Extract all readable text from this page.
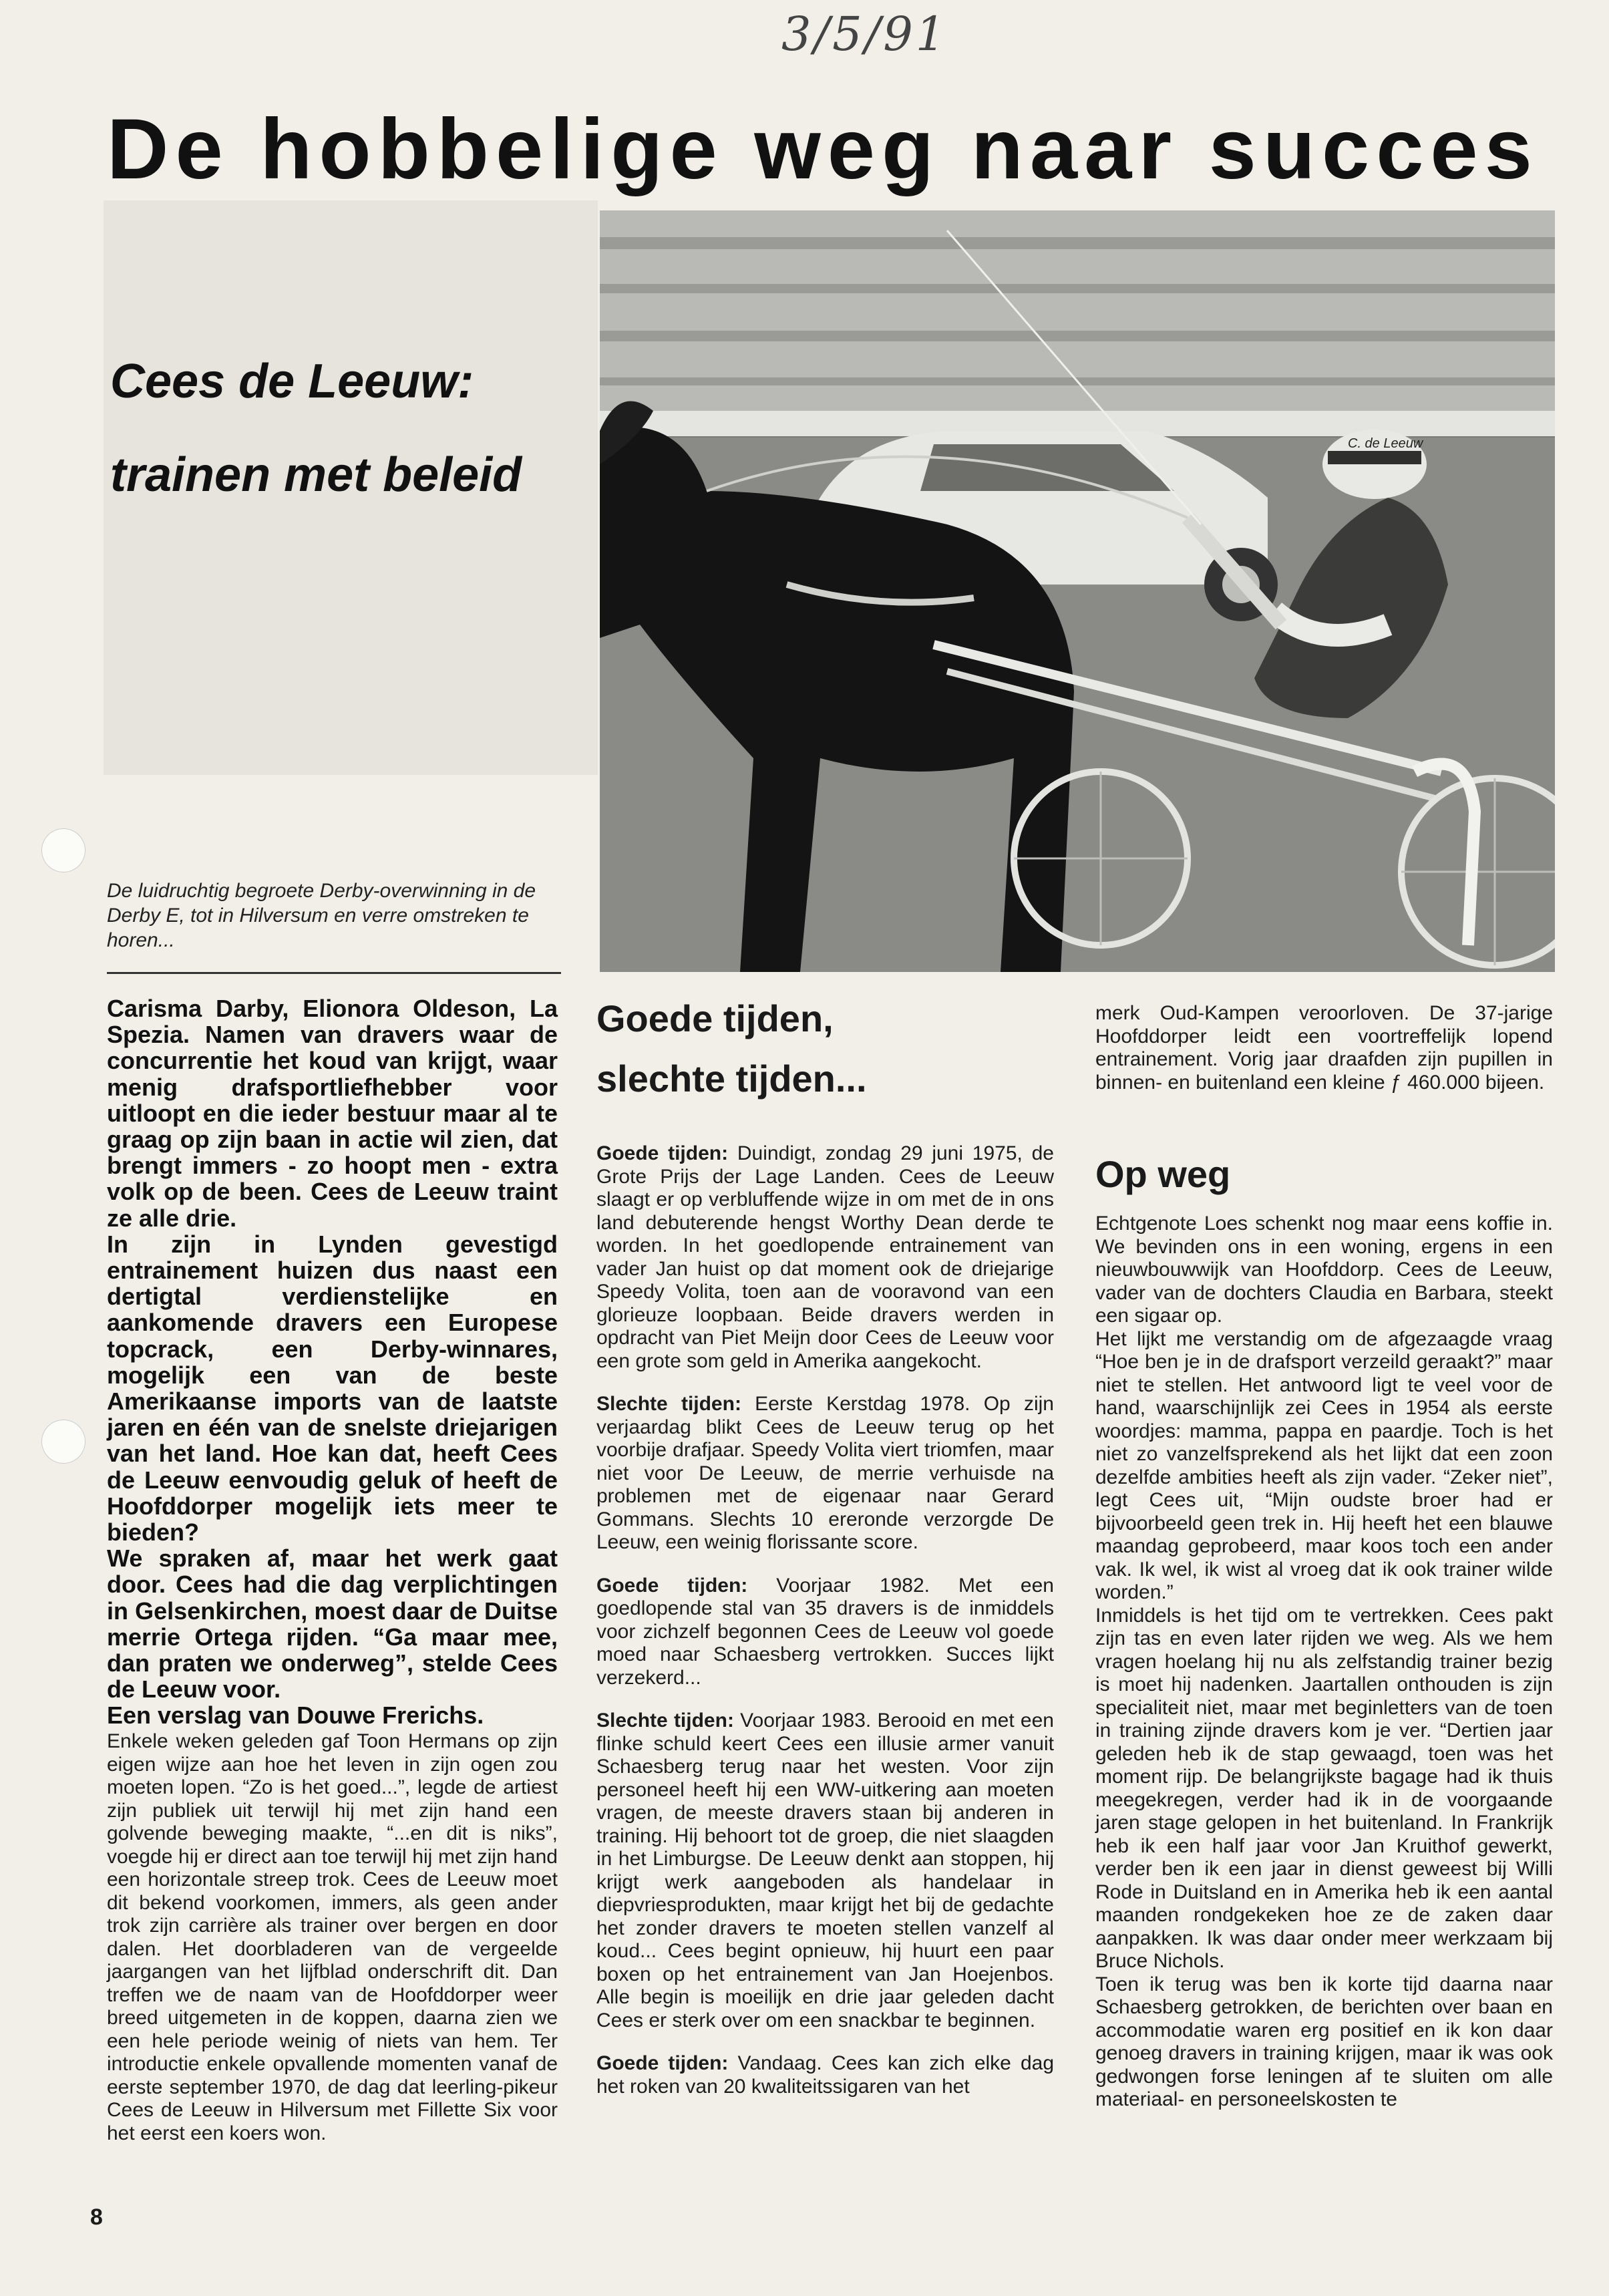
3/5/91
De hobbelige weg naar succes
Cees de Leeuw:
trainen met beleid
C. de Leeuw
De luidruchtig begroete Derby-overwinning in de Derby E, tot in Hilversum en verre omstreken te horen...

Carisma Darby, Elionora Oldeson, La Spezia. Namen van dravers waar de concurrentie het koud van krijgt, waar menig drafsportliefhebber voor uitloopt en die ieder bestuur maar al te graag op zijn baan in actie wil zien, dat brengt immers - zo hoopt men - extra volk op de been. Cees de Leeuw traint ze alle drie.

In zijn in Lynden gevestigd entrainement huizen dus naast een dertigtal verdienstelijke en aankomende dravers een Europese topcrack, een Derby-winnares, mogelijk een van de beste Amerikaanse imports van de laatste jaren en één van de snelste driejarigen van het land. Hoe kan dat, heeft Cees de Leeuw eenvoudig geluk of heeft de Hoofddorper mogelijk iets meer te bieden?

We spraken af, maar het werk gaat door. Cees had die dag verplichtingen in Gelsenkirchen, moest daar de Duitse merrie Ortega rijden. “Ga maar mee, dan praten we onderweg”, stelde Cees de Leeuw voor.

Een verslag van Douwe Frerichs.

Enkele weken geleden gaf Toon Hermans op zijn eigen wijze aan hoe het leven in zijn ogen zou moeten lopen. “Zo is het goed...”, legde de artiest zijn publiek uit terwijl hij met zijn hand een golvende beweging maakte, “...en dit is niks”, voegde hij er direct aan toe terwijl hij met zijn hand een horizontale streep trok. Cees de Leeuw moet dit bekend voorkomen, immers, als geen ander trok zijn carrière als trainer over bergen en door dalen. Het doorbladeren van de vergeelde jaargangen van het lijfblad onderschrift dit. Dan treffen we de naam van de Hoofddorper weer breed uitgemeten in de koppen, daarna zien we een hele periode weinig of niets van hem. Ter introductie enkele opvallende momenten vanaf de eerste september 1970, de dag dat leerling-pikeur Cees de Leeuw in Hilversum met Fillette Six voor het eerst een koers won.

Goede tijden,
slechte tijden...

Goede tijden: Duindigt, zondag 29 juni 1975, de Grote Prijs der Lage Landen. Cees de Leeuw slaagt er op verbluffende wijze in om met de in ons land debuterende hengst Worthy Dean derde te worden. In het goedlopende entrainement van vader Jan huist op dat moment ook de driejarige Speedy Volita, toen aan de vooravond van een glorieuze loopbaan. Beide dravers werden in opdracht van Piet Meijn door Cees de Leeuw voor een grote som geld in Amerika aangekocht.

Slechte tijden: Eerste Kerstdag 1978. Op zijn verjaardag blikt Cees de Leeuw terug op het voorbije drafjaar. Speedy Volita viert triomfen, maar niet voor De Leeuw, de merrie verhuisde na problemen met de eigenaar naar Gerard Gommans. Slechts 10 ereronde verzorgde De Leeuw, een weinig florissante score.

Goede tijden: Voorjaar 1982. Met een goedlopende stal van 35 dravers is de inmiddels voor zichzelf begonnen Cees de Leeuw vol goede moed naar Schaesberg vertrokken. Succes lijkt verzekerd...

Slechte tijden: Voorjaar 1983. Berooid en met een flinke schuld keert Cees een illusie armer vanuit Schaesberg terug naar het westen. Voor zijn personeel heeft hij een WW-uitkering aan moeten vragen, de meeste dravers staan bij anderen in training. Hij behoort tot de groep, die niet slaagden in het Limburgse. De Leeuw denkt aan stoppen, hij krijgt werk aangeboden als handelaar in diepvriesprodukten, maar krijgt het bij de gedachte het zonder dravers te moeten stellen vanzelf al koud... Cees begint opnieuw, hij huurt een paar boxen op het entrainement van Jan Hoejenbos. Alle begin is moeilijk en drie jaar geleden dacht Cees er sterk over om een snackbar te beginnen.

Goede tijden: Vandaag. Cees kan zich elke dag het roken van 20 kwaliteitssigaren van het

merk Oud-Kampen veroorloven. De 37-jarige Hoofddorper leidt een voortreffelijk lopend entrainement. Vorig jaar draafden zijn pupillen in binnen- en buitenland een kleine ƒ 460.000 bijeen.

Op weg

Echtgenote Loes schenkt nog maar eens koffie in. We bevinden ons in een woning, ergens in een nieuwbouwwijk van Hoofddorp. Cees de Leeuw, vader van de dochters Claudia en Barbara, steekt een sigaar op.

Het lijkt me verstandig om de afgezaagde vraag “Hoe ben je in de drafsport verzeild geraakt?” maar niet te stellen. Het antwoord ligt te veel voor de hand, waarschijnlijk zei Cees in 1954 als eerste woordjes: mamma, pappa en paardje. Toch is het niet zo vanzelfsprekend als het lijkt dat een zoon dezelfde ambities heeft als zijn vader. “Zeker niet”, legt Cees uit, “Mijn oudste broer had er bijvoorbeeld geen trek in. Hij heeft het een blauwe maandag geprobeerd, maar koos toch een ander vak. Ik wel, ik wist al vroeg dat ik ook trainer wilde worden.”

Inmiddels is het tijd om te vertrekken. Cees pakt zijn tas en even later rijden we weg. Als we hem vragen hoelang hij nu als zelfstandig trainer bezig is moet hij nadenken. Jaartallen onthouden is zijn specialiteit niet, maar met beginletters van de toen in training zijnde dravers kom je ver. “Dertien jaar geleden heb ik de stap gewaagd, toen was het moment rijp. De belangrijkste bagage had ik thuis meegekregen, verder had ik in de voorgaande jaren stage gelopen in het buitenland. In Frankrijk heb ik een half jaar voor Jan Kruithof gewerkt, verder ben ik een jaar in dienst geweest bij Willi Rode in Duitsland en in Amerika heb ik een aantal maanden rondgekeken hoe ze de zaken daar aanpakken. Ik was daar onder meer werkzaam bij Bruce Nichols.

Toen ik terug was ben ik korte tijd daarna naar Schaesberg getrokken, de berichten over baan en accommodatie waren erg positief en ik kon daar genoeg dravers in training krijgen, maar ik was ook gedwongen forse leningen af te sluiten om alle materiaal- en personeelskosten te

8
